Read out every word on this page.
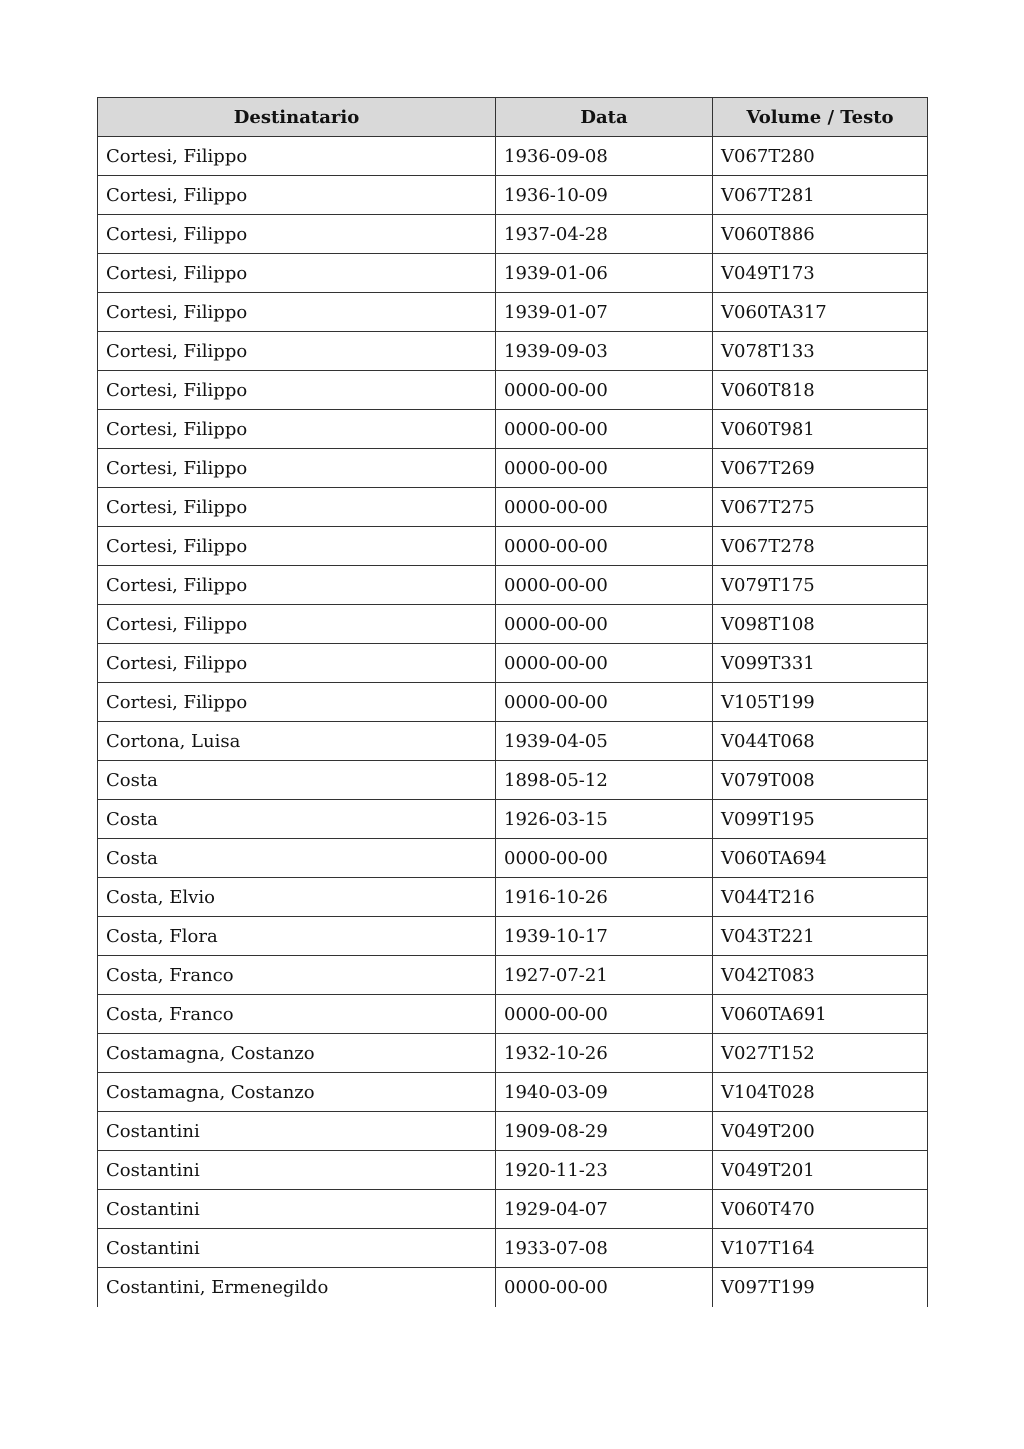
Destinatario	Data	Volume / Testo
Cortesi, Filippo	1936-09-08	V067T280
Cortesi, Filippo	1936-10-09	V067T281
Cortesi, Filippo	1937-04-28	V060T886
Cortesi, Filippo	1939-01-06	V049T173
Cortesi, Filippo	1939-01-07	V060TA317
Cortesi, Filippo	1939-09-03	V078T133
Cortesi, Filippo	0000-00-00	V060T818
Cortesi, Filippo	0000-00-00	V060T981
Cortesi, Filippo	0000-00-00	V067T269
Cortesi, Filippo	0000-00-00	V067T275
Cortesi, Filippo	0000-00-00	V067T278
Cortesi, Filippo	0000-00-00	V079T175
Cortesi, Filippo	0000-00-00	V098T108
Cortesi, Filippo	0000-00-00	V099T331
Cortesi, Filippo	0000-00-00	V105T199
Cortona, Luisa	1939-04-05	V044T068
Costa	1898-05-12	V079T008
Costa	1926-03-15	V099T195
Costa	0000-00-00	V060TA694
Costa, Elvio	1916-10-26	V044T216
Costa, Flora	1939-10-17	V043T221
Costa, Franco	1927-07-21	V042T083
Costa, Franco	0000-00-00	V060TA691
Costamagna, Costanzo	1932-10-26	V027T152
Costamagna, Costanzo	1940-03-09	V104T028
Costantini	1909-08-29	V049T200
Costantini	1920-11-23	V049T201
Costantini	1929-04-07	V060T470
Costantini	1933-07-08	V107T164
Costantini, Ermenegildo	0000-00-00	V097T199
